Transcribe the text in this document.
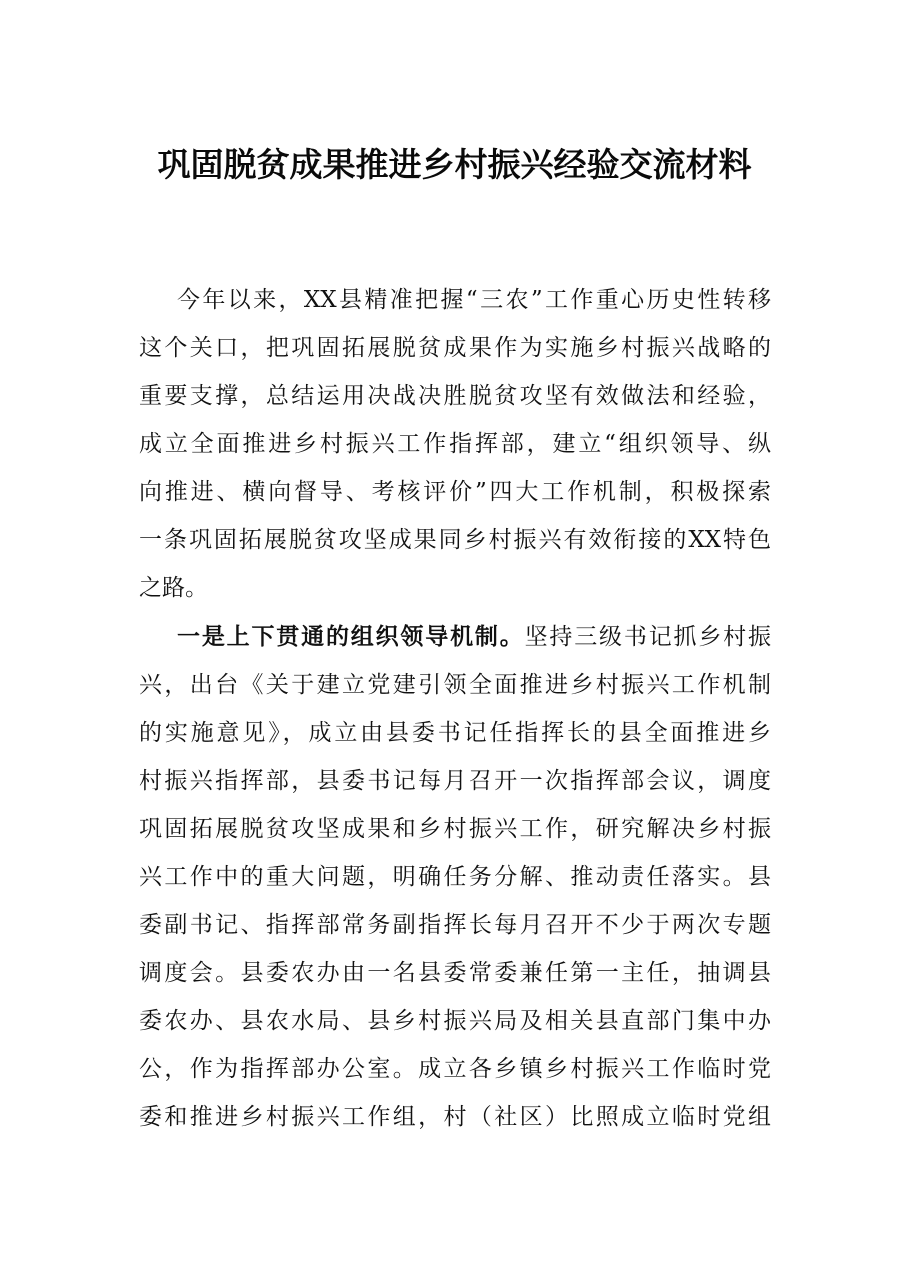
巩固脱贫成果推进乡村振兴经验交流材料
今年以来，XX县精准把握“三农”工作重心历史性转移
这个关口，把巩固拓展脱贫成果作为实施乡村振兴战略的
重要支撑，总结运用决战决胜脱贫攻坚有效做法和经验，
成立全面推进乡村振兴工作指挥部，建立“组织领导、纵
向推进、横向督导、考核评价”四大工作机制，积极探索
一条巩固拓展脱贫攻坚成果同乡村振兴有效衔接的XX特色
之路。
一是上下贯通的组织领导机制。坚持三级书记抓乡村振
兴，出台《关于建立党建引领全面推进乡村振兴工作机制
的实施意见》，成立由县委书记任指挥长的县全面推进乡
村振兴指挥部，县委书记每月召开一次指挥部会议，调度
巩固拓展脱贫攻坚成果和乡村振兴工作，研究解决乡村振
兴工作中的重大问题，明确任务分解、推动责任落实。县
委副书记、指挥部常务副指挥长每月召开不少于两次专题
调度会。县委农办由一名县委常委兼任第一主任，抽调县
委农办、县农水局、县乡村振兴局及相关县直部门集中办
公，作为指挥部办公室。成立各乡镇乡村振兴工作临时党
委和推进乡村振兴工作组，村（社区）比照成立临时党组
